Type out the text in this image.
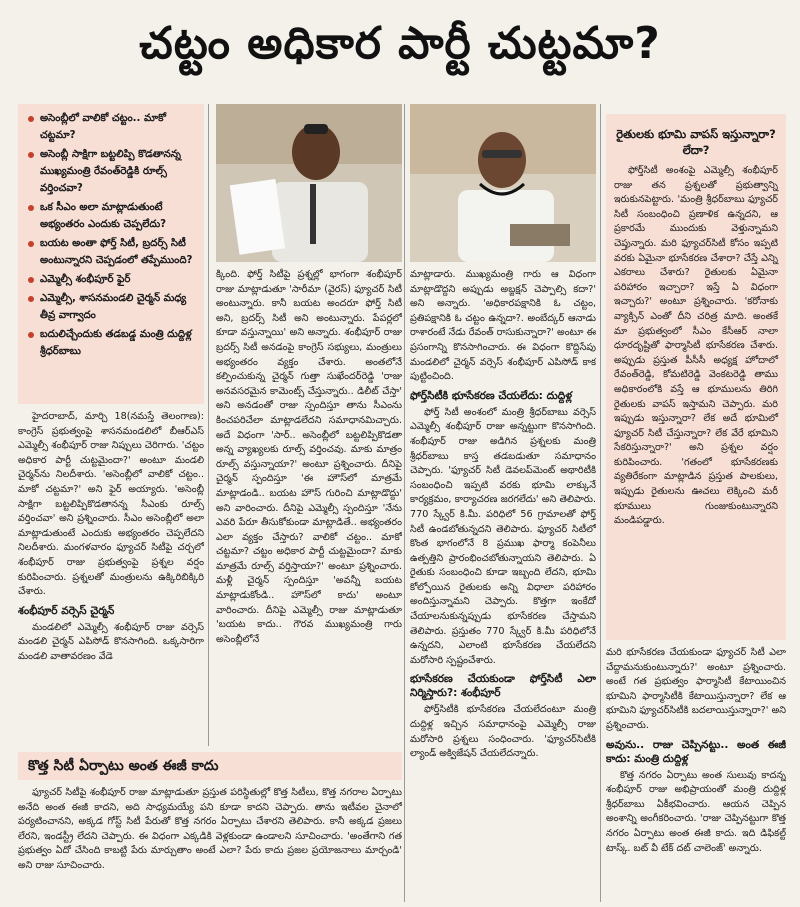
చట్టం అధికార పార్టీ చుట్టమా?
అసెంబ్లీలో వాలికో చట్టం.. మాకో చట్టమా?
అసెంబ్లీ సాక్షిగా బట్టలిప్పి కొడతానన్న ముఖ్యమంత్రి రేవంత్‌రెడ్డికి రూల్స్‌ వర్తించవా?
ఒక సీఎం అలా మాట్లాడుతుంటే అభ్యంతరం ఎందుకు చెప్పలేదు?
బయట అంతా ఫోర్త్‌ సిటీ, బ్రదర్స్‌ సిటీ అంటున్నారని చెప్పడంలో తప్పేముంది?
ఎమ్మెల్సీ శంభీపూర్‌ ఫైర్‌
ఎమ్మెల్సీ, శాసనమండలి చైర్మన్‌ మధ్య తీవ్ర వాగ్వాదం
బదులిచ్చేందుకు తడబడ్డ మంత్రి దుద్దిళ్ల శ్రీధర్‌బాబు

హైదరాబాద్‌, మార్చి 18(నమస్తే తెలంగాణ): కాంగ్రెస్‌ ప్రభుత్వంపై శాసనమండలిలో బీఆర్‌ఎస్‌ ఎమ్మెల్సీ శంభీపూర్‌ రాజు నిప్పులు చెరిగారు. 'చట్టం అధికార పార్టీ చుట్టమైందా?' అంటూ మండలి చైర్మన్‌ను నిలదీశారు. 'అసెంబ్లీలో వాలికో చట్టం.. మాకో చట్టమా?' అని ఫైర్‌ అయ్యారు. 'అసెంబ్లీ సాక్షిగా బట్టలిప్పికొడతానన్న సీఎంకు రూల్స్‌ వర్తించవా' అని ప్రశ్నించారు. సీఎం అసెంబ్లీలో అలా మాట్లాడుతుంటే ఎందుకు అభ్యంతరం చెప్పలేదని నిలదీశారు. మంగళవారం ఫ్యూచర్‌ సిటీపై చర్చలో శంభీపూర్‌ రాజు ప్రభుత్వంపై ప్రశ్నల వర్షం కురిపించారు. ప్రశ్నలతో మంత్రులను ఉక్కిరిబిక్కిరి చేశారు.

శంభీపూర్‌ వర్సెస్‌ చైర్మన్‌

మండలిలో ఎమ్మెల్సీ శంభీపూర్‌ రాజు వర్సెస్‌ మండలి చైర్మన్‌ ఎపిసోడ్‌ కొనసాగింది. ఒక్కసారిగా మండలి వాతావరణం వేడె

క్కింది. ఫోర్త్‌ సిటీపై ప్రశ్నల్లో భాగంగా శంభీపూర్‌ రాజు మాట్లాడుతూ 'సారీమా (వైరస్‌) ఫ్యూచర్‌ సిటీ అంటున్నారు. కానీ బయట అందరూ ఫోర్త్‌ సిటీ అని, బ్రదర్స్‌ సిటీ అని అంటున్నారు. పేపర్లలో కూడా వస్తున్నాయి' అని అన్నారు. శంభీపూర్‌ రాజు బ్రదర్స్‌ సిటీ అనడంపై కాంగ్రెస్‌ సభ్యులు, మంత్రులు అభ్యంతరం వ్యక్తం చేశారు. అంతలోనే కల్పించుకున్న చైర్మన్‌ గుత్తా సుఖేందర్‌రెడ్డి 'రాజు అనవసరమైన కామెంట్స్‌ చేస్తున్నారు.. డిలీట్‌ చేస్తా' అని అనడంతో రాజు స్పందిస్తూ తాను సీఎంను కించపరిచేలా మాట్లాడలేదని సమాధానమిచ్చారు. అదే విధంగా 'సార్‌.. అసెంబ్లీలో బట్టలిప్పికొడతా అన్న వ్యాఖ్యలకు రూల్స్‌ వర్తించవు. మాకు మాత్రం రూల్స్‌ వస్తున్నాయా?' అంటూ ప్రశ్నించారు. దీనిపై చైర్మన్‌ స్పందిస్తూ 'ఈ హౌస్‌లో మాత్రమే మాట్లాడండి.. బయట హౌస్‌ గురించి మాట్లాడొద్దు' అని వారించారు. దీనిపై ఎమ్మెల్సీ స్పందిస్తూ 'నేను ఎవరి పేరూ తీసుకోకుండా మాట్లాడితే.. అభ్యంతరం ఎలా వ్యక్తం చేస్తారు? వాలికో చట్టం.. మాకో చట్టమా? చట్టం అధికార పార్టీ చుట్టమైందా? మాకు మాత్రమే రూల్స్‌ వర్తిస్తాయా?' అంటూ ప్రశ్నించారు. మళ్లీ చైర్మన్‌ స్పందిస్తూ 'అవన్నీ బయట మాట్లాడుకోండి.. హౌస్‌లో కాదు' అంటూ వారించారు. దీనిపై ఎమ్మెల్సీ రాజు మాట్లాడుతూ 'బయట కాదు.. గౌరవ ముఖ్యమంత్రి గారు అసెంబ్లీలోనే

మాట్లాడారు. ముఖ్యమంత్రి గారు ఆ విధంగా మాట్లాడొద్దని అప్పుడు అబ్జక్షన్‌ చెప్పాల్సి కదా?' అని అన్నారు. 'అధికారపక్షానికి ఓ చట్టం, ప్రతిపక్షానికి ఓ చట్టం ఉన్నదా?. అంబేద్కర్‌ ఆనాడు రాశారంటే నేడు రేవంత్‌ రాసుకున్నారా?' అంటూ ఈ ప్రసంగాన్ని కొనసాగించారు. ఈ విధంగా కొద్దిసేపు మండలిలో చైర్మన్‌ వర్సెస్‌ శంభీపూర్‌ ఎపిసోడ్‌ కాక పుట్టించింది.

ఫోర్త్‌సిటీకి భూసేకరణ చేయలేదు: దుద్దిళ్ల

ఫోర్త్‌ సిటీ అంశంలో మంత్రి శ్రీధర్‌బాబు వర్సెస్‌ ఎమ్మెల్సీ శంభీపూర్‌ రాజు అన్నట్టుగా కొనసాగింది. శంభీపూర్‌ రాజు అడిగిన ప్రశ్నలకు మంత్రి శ్రీధర్‌బాబు కాస్త తడబడుతూ సమాధానం చెప్పారు. 'ఫ్యూచర్‌ సిటీ డెవలప్‌మెంట్‌ అథారిటీకి సంబంధించి ఇప్పటి వరకు భూమి లాక్కునే కార్యక్రమం, కార్యాచరణ జరగలేదు' అని తెలిపారు. 770 స్క్వేర్‌ కి.మీ. పరిధిలో 56 గ్రామాలతో ఫోర్త్‌ సిటీ ఉండబోతున్నదని తెలిపారు. ఫ్యూచర్‌ సిటీలో కొంత భాగంలోనే 8 ప్రముఖ ఫార్మా కంపెనీలు ఉత్పత్తిని ప్రారంభించబోతున్నాయని తెలిపారు. ఏ రైతుకు సంబంధించి కూడా ఇబ్బంది లేదని, భూమి కోల్పోయిన రైతులకు అన్ని విధాలా పరిహారం అందిస్తున్నామని చెప్పారు. కొత్తగా ఇంకేదో చేయాలనుకున్నప్పుడు భూసేకరణ చేస్తామని తెలిపారు. ప్రస్తుతం 770 స్క్వేర్‌ కి.మీ పరిధిలోనే ఉన్నదని, ఎలాంటి భూసేకరణ చేయలేదని మరోసారి స్పష్టంచేశారు.

భూసేకరణ చేయకుండా ఫోర్త్‌సిటీ ఎలా నిర్మిస్తారు?: శంభీపూర్‌

ఫోర్త్‌సిటీకి భూసేకరణ చేయలేదంటూ మంత్రి దుద్దిళ్ల ఇచ్చిన సమాధానంపై ఎమ్మెల్సీ రాజు మరోసారి ప్రశ్నలు సంధించారు. 'ఫ్యూచర్‌సిటీకి ల్యాండ్‌ అక్విజేషన్‌ చేయలేదన్నారు.

రైతులకు భూమి వాపస్‌ ఇస్తున్నారా? లేదా?

ఫోర్త్‌సిటీ అంశంపై ఎమ్మెల్సీ శంభీపూర్‌ రాజు తన ప్రశ్నలతో ప్రభుత్వాన్ని ఇరుకునపెట్టారు. 'మంత్రి శ్రీధర్‌బాబు ఫ్యూచర్‌ సిటీ సంబంధించి ప్రణాళిక ఉన్నదని, ఆ ప్రకారమే ముందుకు వెళ్తున్నామని చెప్తున్నారు. మరి ఫ్యూచర్‌సిటీ కోసం ఇప్పటి వరకు ఏమైనా భూసేకరణ చేశారా? చేస్తే ఎన్ని ఎకరాలు చేశారు? రైతులకు ఏమైనా పరిహారం ఇచ్చారా? ఇస్తే ఏ విధంగా ఇచ్చారు?' అంటూ ప్రశ్నించారు. 'కరోనాకు వ్యాక్సిన్‌ ఎంతో దీని చరిత్ర మాది. అంతకే మా ప్రభుత్వంలో సీఎం కేసీఆర్‌ నాలా ధూరదృష్టితో ఫార్మాసిటీ భూసేకరణ చేశారు. అప్పుడు ప్రస్తుత పీసీసీ అధ్యక్ష హోదాలో రేవంత్‌రెడ్డి, కోమటిరెడ్డి వెంకటరెడ్డి తాము అధికారంలోకి వస్తే ఆ భూములను తిరిగి రైతులకు వాపస్‌ ఇస్తామని చెప్పారు. మరి ఇప్పుడు ఇస్తున్నారా? లేక అదే భూమిలో ఫ్యూచర్‌ సిటీ చేస్తున్నారా? లేక వేరే భూమిని సేకరిస్తున్నారా?' అని ప్రశ్నల వర్షం కురిపించారు. 'గతంలో భూసేకరణకు వ్యతిరేకంగా మాట్లాడిన ప్రస్తుత పాలకులు, ఇప్పుడు రైతులను ఊచలు లెక్కించి మరీ భూములు గుంజుకుంటున్నారని మండిపడ్డారు.

మరి భూసేకరణ చేయకుండా ఫ్యూచర్‌ సిటీ ఎలా చేద్దామనుకుంటున్నారు?' అంటూ ప్రశ్నించారు. అంటే గత ప్రభుత్వం ఫార్మాసిటీ కేటాయించిన భూమిని ఫార్మాసిటీకి కేటాయిస్తున్నారా? లేక ఆ భూమిని ఫ్యూచర్‌సిటీకి బదలాయిస్తున్నారా?' అని ప్రశ్నించారు.

అవును.. రాజు చెప్పినట్టు.. అంత ఈజీ కాదు: మంత్రి దుద్దిళ్ల

కొత్త నగరం ఏర్పాటు అంత సులువు కాదన్న శంభీపూర్‌ రాజు అభిప్రాయంతో మంత్రి దుద్దిళ్ల శ్రీధర్‌బాబు ఏకీభవించారు. ఆయన చెప్పిన అంశాన్ని అంగీకరించారు. 'రాజు చెప్పినట్టుగా కొత్త నగరం ఏర్పాటు అంత ఈజీ కాదు. ఇది డిఫికల్ట్‌ టాస్క్‌. బట్‌ వీ టేక్‌ దట్‌ చాలెంజ్‌' అన్నారు.

కొత్త సిటీ ఏర్పాటు అంత ఈజీ కాదు

ఫ్యూచర్‌ సిటీపై శంభీపూర్‌ రాజు మాట్లాడుతూ ప్రస్తుత పరిస్థితుల్లో కొత్త సిటీలు, కొత్త నగరాల ఏర్పాటు అనేది అంత ఈజీ కాదని, అది సాధ్యమయ్యే పని కూడా కాదని చెప్పారు. తాను ఇటీవల చైనాలో పర్యటించానని, అక్కడ గోస్ట్‌ సిటీ పేరుతో కొత్త నగరం ఏర్పాటు చేశారని తెలిపారు. కానీ అక్కడ ప్రజలు లేరని, ఇండస్ట్రీ లేదని చెప్పారు. ఈ విధంగా ఎక్కడికి వెళ్లకుండా ఉండాలని సూచించారు. 'అంతేగాని గత ప్రభుత్వం ఏదో చేసింది కాబట్టి పేరు మార్చుతాం అంటే ఎలా? పేరు కాదు ప్రజల ప్రయోజనాలు మార్చండి' అని రాజు సూచించారు.
